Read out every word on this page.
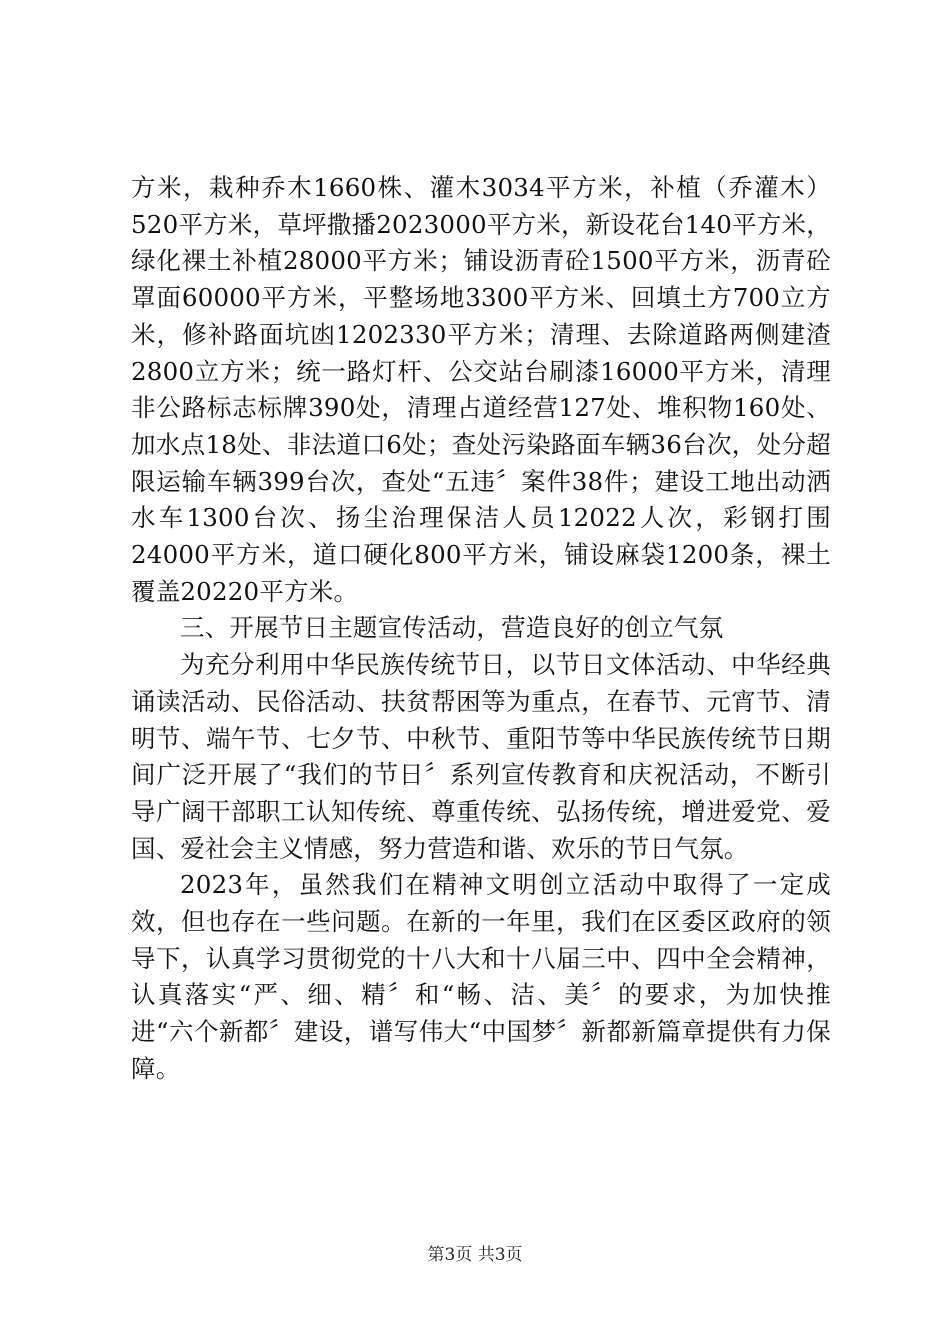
方米，栽种乔木1660株、灌木3034平方米，补植（乔灌木）520平方米，草坪撒播2023000平方米，新设花台140平方米，绿化裸土补植28000平方米；铺设沥青砼1500平方米，沥青砼罩面60000平方米，平整场地3300平方米、回填土方700立方米，修补路面坑凼1202330平方米；清理、去除道路两侧建渣2800立方米；统一路灯杆、公交站台刷漆16000平方米，清理非公路标志标牌390处，清理占道经营127处、堆积物160处、加水点18处、非法道口6处；查处污染路面车辆36台次，处分超限运输车辆399台次，查处“五违〞案件38件；建设工地出动洒水车1300台次、扬尘治理保洁人员12022人次，彩钢打围24000平方米，道口硬化800平方米，铺设麻袋1200条，裸土覆盖20220平方米。

三、开展节日主题宣传活动，营造良好的创立气氛

为充分利用中华民族传统节日，以节日文体活动、中华经典诵读活动、民俗活动、扶贫帮困等为重点，在春节、元宵节、清明节、端午节、七夕节、中秋节、重阳节等中华民族传统节日期间广泛开展了“我们的节日〞系列宣传教育和庆祝活动，不断引导广阔干部职工认知传统、尊重传统、弘扬传统，增进爱党、爱国、爱社会主义情感，努力营造和谐、欢乐的节日气氛。

2023年，虽然我们在精神文明创立活动中取得了一定成效，但也存在一些问题。在新的一年里，我们在区委区政府的领导下，认真学习贯彻党的十八大和十八届三中、四中全会精神，认真落实“严、细、精〞和“畅、洁、美〞的要求，为加快推进“六个新都〞建设，谱写伟大“中国梦〞新都新篇章提供有力保障。

第3页 共3页
